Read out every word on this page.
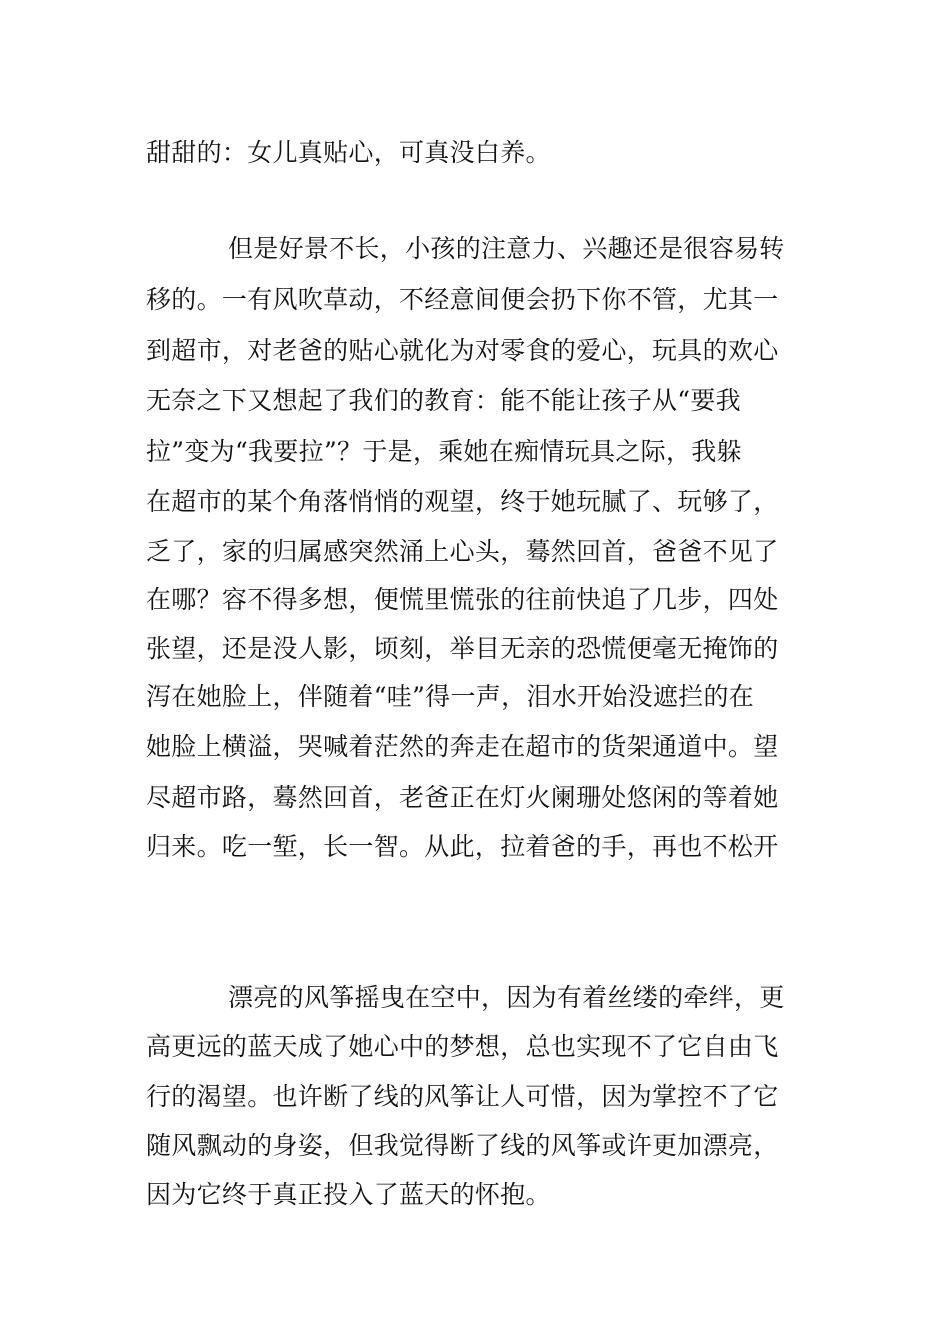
甜甜的：女儿真贴心，可真没白养。
但是好景不长，小孩的注意力、兴趣还是很容易转
移的。一有风吹草动，不经意间便会扔下你不管，尤其一
到超市，对老爸的贴心就化为对零食的爱心，玩具的欢心
无奈之下又想起了我们的教育：能不能让孩子从“要我
拉”变为“我要拉”？于是，乘她在痴情玩具之际，我躲
在超市的某个角落悄悄的观望，终于她玩腻了、玩够了，
乏了，家的归属感突然涌上心头，蓦然回首，爸爸不见了
在哪？容不得多想，便慌里慌张的往前快追了几步，四处
张望，还是没人影，顷刻，举目无亲的恐慌便毫无掩饰的
泻在她脸上，伴随着“哇”得一声，泪水开始没遮拦的在
她脸上横溢，哭喊着茫然的奔走在超市的货架通道中。望
尽超市路，蓦然回首，老爸正在灯火阑珊处悠闲的等着她
归来。吃一堑，长一智。从此，拉着爸的手，再也不松开
漂亮的风筝摇曳在空中，因为有着丝缕的牵绊，更
高更远的蓝天成了她心中的梦想，总也实现不了它自由飞
行的渴望。也许断了线的风筝让人可惜，因为掌控不了它
随风飘动的身姿，但我觉得断了线的风筝或许更加漂亮，
因为它终于真正投入了蓝天的怀抱。
